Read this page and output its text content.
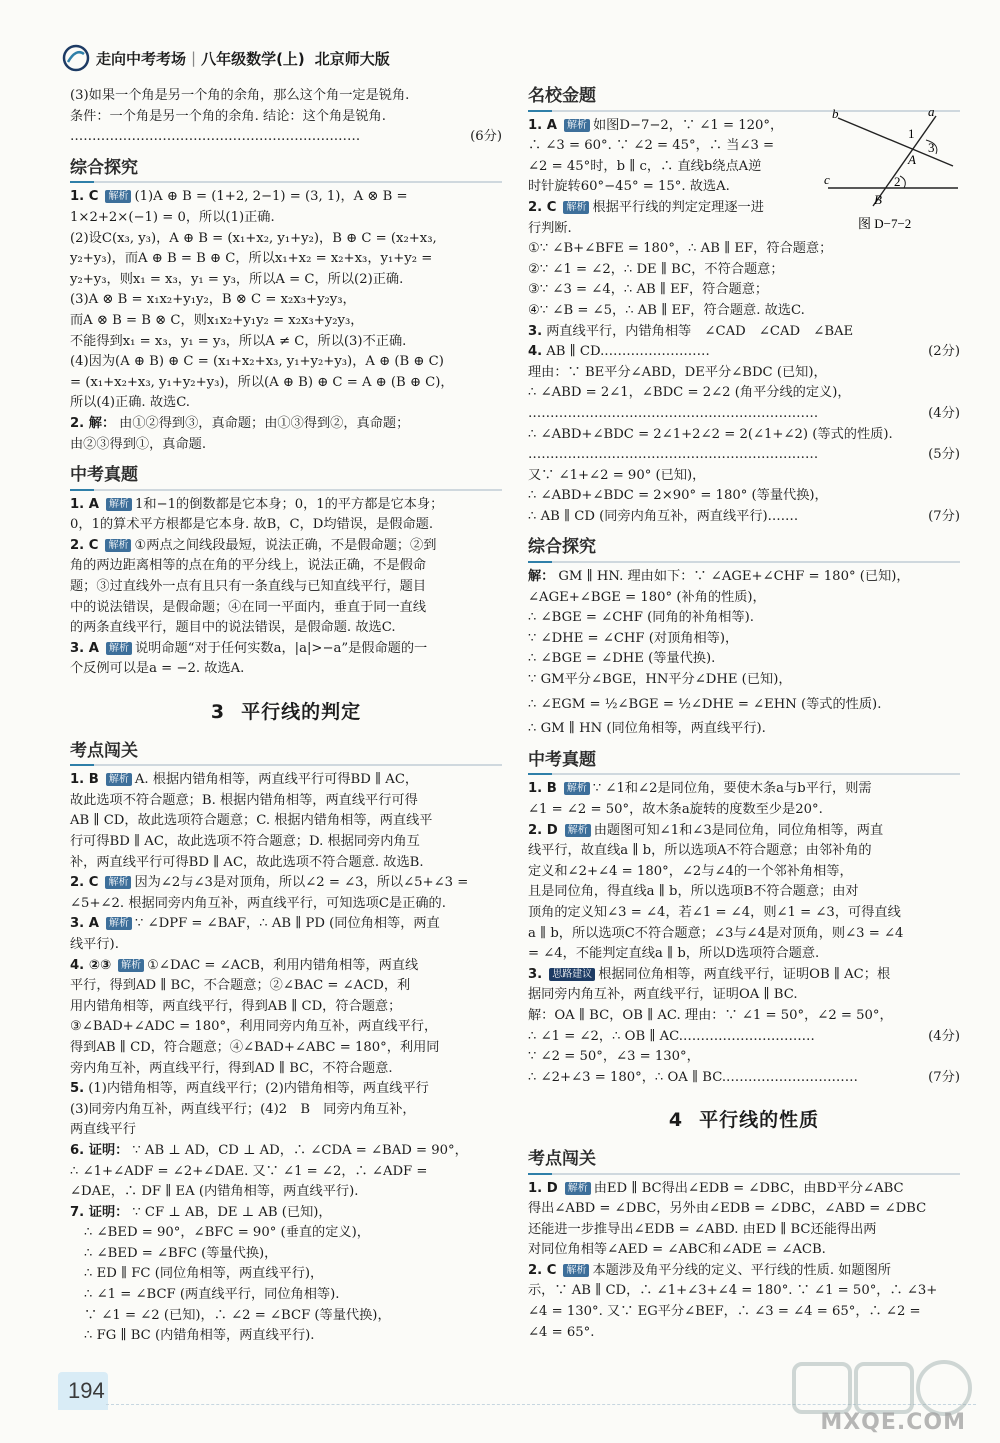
走向中考考场 | 八年级数学(上) 北京师大版

(3)如果一个角是另一个角的余角，那么这个角一定是锐角.

条件：一个角是另一个角的余角. 结论：这个角是锐角.

…………………………………………………………	(6分)

综合探究

1. C 解析 (1)A ⊕ B = (1+2, 2−1) = (3, 1)，A ⊗ B =

1×2+2×(−1) = 0，所以(1)正确.

(2)设C(x₃, y₃)，A ⊕ B = (x₁+x₂, y₁+y₂)，B ⊕ C = (x₂+x₃,

y₂+y₃)，而A ⊕ B = B ⊕ C，所以x₁+x₂ = x₂+x₃，y₁+y₂ =

y₂+y₃，则x₁ = x₃，y₁ = y₃，所以A = C，所以(2)正确.

(3)A ⊗ B = x₁x₂+y₁y₂，B ⊗ C = x₂x₃+y₂y₃，

而A ⊗ B = B ⊗ C，则x₁x₂+y₁y₂ = x₂x₃+y₂y₃，

不能得到x₁ = x₃，y₁ = y₃，所以A ≠ C，所以(3)不正确.

(4)因为(A ⊕ B) ⊕ C = (x₁+x₂+x₃, y₁+y₂+y₃)，A ⊕ (B ⊕ C)

= (x₁+x₂+x₃, y₁+y₂+y₃)，所以(A ⊕ B) ⊕ C = A ⊕ (B ⊕ C)，

所以(4)正确. 故选C.

2. 解： 由①②得到③，真命题；由①③得到②，真命题；

由②③得到①，真命题.

中考真题

1. A 解析 1和−1的倒数都是它本身；0，1的平方都是它本身；

0，1的算术平方根都是它本身. 故B，C，D均错误，是假命题.

2. C 解析 ①两点之间线段最短，说法正确，不是假命题；②到

角的两边距离相等的点在角的平分线上，说法正确，不是假命

题；③过直线外一点有且只有一条直线与已知直线平行，题目

中的说法错误，是假命题；④在同一平面内，垂直于同一直线

的两条直线平行，题目中的说法错误，是假命题. 故选C.

3. A 解析 说明命题“对于任何实数a，|a|>−a”是假命题的一

个反例可以是a = −2. 故选A.

3 平行线的判定
考点闯关

1. B 解析 A. 根据内错角相等，两直线平行可得BD ∥ AC，

故此选项不符合题意；B. 根据内错角相等，两直线平行可得

AB ∥ CD，故此选项符合题意；C. 根据内错角相等，两直线平

行可得BD ∥ AC，故此选项不符合题意；D. 根据同旁内角互

补，两直线平行可得BD ∥ AC，故此选项不符合题意. 故选B.

2. C 解析 因为∠2与∠3是对顶角，所以∠2 = ∠3，所以∠5+∠3 =

∠5+∠2. 根据同旁内角互补，两直线平行，可知选项C是正确的.

3. A 解析 ∵ ∠DPF = ∠BAF，∴ AB ∥ PD (同位角相等，两直

线平行).

4. ②③ 解析 ①∠DAC = ∠ACB，利用内错角相等，两直线

平行，得到AD ∥ BC，不合题意；②∠BAC = ∠ACD，利

用内错角相等，两直线平行，得到AB ∥ CD，符合题意；

③∠BAD+∠ADC = 180°，利用同旁内角互补，两直线平行，

得到AB ∥ CD，符合题意；④∠BAD+∠ABC = 180°，利用同

旁内角互补，两直线平行，得到AD ∥ BC，不符合题意.

5. (1)内错角相等，两直线平行；(2)内错角相等，两直线平行

(3)同旁内角互补，两直线平行；(4)2　B　同旁内角互补，

两直线平行

6. 证明： ∵ AB ⊥ AD，CD ⊥ AD，∴ ∠CDA = ∠BAD = 90°，

∴ ∠1+∠ADF = ∠2+∠DAE. 又∵ ∠1 = ∠2，∴ ∠ADF =

∠DAE，∴ DF ∥ EA (内错角相等，两直线平行).

7. 证明： ∵ CF ⊥ AB，DE ⊥ AB (已知)，

∴ ∠BED = 90°，∠BFC = 90° (垂直的定义)，

∴ ∠BED = ∠BFC (等量代换)，

∴ ED ∥ FC (同位角相等，两直线平行)，

∴ ∠1 = ∠BCF (两直线平行，同位角相等).

∵ ∠1 = ∠2 (已知)，∴ ∠2 = ∠BCF (等量代换)，

∴ FG ∥ BC (内错角相等，两直线平行).

名校金题

1. A 解析 如图D−7−2，∵ ∠1 = 120°，

∴ ∠3 = 60°. ∵ ∠2 = 45°，∴ 当∠3 =

∠2 = 45°时，b ∥ c，∴ 直线b绕点A逆

时针旋转60°−45° = 15°. 故选A.

2. C 解析 根据平行线的判定定理逐一进

行判断.

①∵ ∠B+∠BFE = 180°，∴ AB ∥ EF，符合题意；

②∵ ∠1 = ∠2，∴ DE ∥ BC，不符合题意；

③∵ ∠3 = ∠4，∴ AB ∥ EF，符合题意；

④∵ ∠B = ∠5，∴ AB ∥ EF，符合题意. 故选C.

3. 两直线平行，内错角相等　∠CAD　∠CAD　∠BAE

4. AB ∥ CD.……………………	(2分)

理由：∵ BE平分∠ABD，DE平分∠BDC (已知)，

∴ ∠ABD = 2∠1，∠BDC = 2∠2 (角平分线的定义)，

…………………………………………………………	(4分)

∴ ∠ABD+∠BDC = 2∠1+2∠2 = 2(∠1+∠2) (等式的性质).

…………………………………………………………	(5分)

又∵ ∠1+∠2 = 90° (已知)，

∴ ∠ABD+∠BDC = 2×90° = 180° (等量代换)，

∴ AB ∥ CD (同旁内角互补，两直线平行).……	(7分)

综合探究

解： GM ∥ HN. 理由如下：∵ ∠AGE+∠CHF = 180° (已知)，

∠AGE+∠BGE = 180° (补角的性质)，

∴ ∠BGE = ∠CHF (同角的补角相等).

∵ ∠DHE = ∠CHF (对顶角相等)，

∴ ∠BGE = ∠DHE (等量代换).

∵ GM平分∠BGE，HN平分∠DHE (已知)，

∴ ∠EGM = ½∠BGE = ½∠DHE = ∠EHN (等式的性质).

∴ GM ∥ HN (同位角相等，两直线平行).

中考真题

1. B 解析 ∵ ∠1和∠2是同位角，要使木条a与b平行，则需

∠1 = ∠2 = 50°，故木条a旋转的度数至少是20°.

2. D 解析 由题图可知∠1和∠3是同位角，同位角相等，两直

线平行，故直线a ∥ b，所以选项A不符合题意；由邻补角的

定义和∠2+∠4 = 180°，∠2与∠4的一个邻补角相等，

且是同位角，得直线a ∥ b，所以选项B不符合题意；由对

顶角的定义知∠3 = ∠4，若∠1 = ∠4，则∠1 = ∠3，可得直线

a ∥ b，所以选项C不符合题意；∠3与∠4是对顶角，则∠3 = ∠4

= ∠4，不能判定直线a ∥ b，所以D选项符合题意.

3. 思路建议 根据同位角相等，两直线平行，证明OB ∥ AC；根

据同旁内角互补，两直线平行，证明OA ∥ BC.

解：OA ∥ BC，OB ∥ AC. 理由：∵ ∠1 = 50°，∠2 = 50°，

∴ ∠1 = ∠2，∴ OB ∥ AC.…………………………	(4分)

∵ ∠2 = 50°，∠3 = 130°，

∴ ∠2+∠3 = 180°，∴ OA ∥ BC.…………………………	(7分)

4 平行线的性质
考点闯关

1. D 解析 由ED ∥ BC得出∠EDB = ∠DBC，由BD平分∠ABC

得出∠ABD = ∠DBC，另外由∠EDB = ∠DBC，∠ABD = ∠DBC

还能进一步推导出∠EDB = ∠ABD. 由ED ∥ BC还能得出两

对同位角相等∠AED = ∠ABC和∠ADE = ∠ACB.

2. C 解析 本题涉及角平分线的定义、平行线的性质. 如题图所

示，∵ AB ∥ CD，∴ ∠1+∠3+∠4 = 180°. ∵ ∠1 = 50°，∴ ∠3+

∠4 = 130°. 又∵ EG平分∠BEF，∴ ∠3 = ∠4 = 65°，∴ ∠2 =

∠4 = 65°.

b	a
c
A
B
1
2
3
图 D−7−2
194
MXQE.COM
